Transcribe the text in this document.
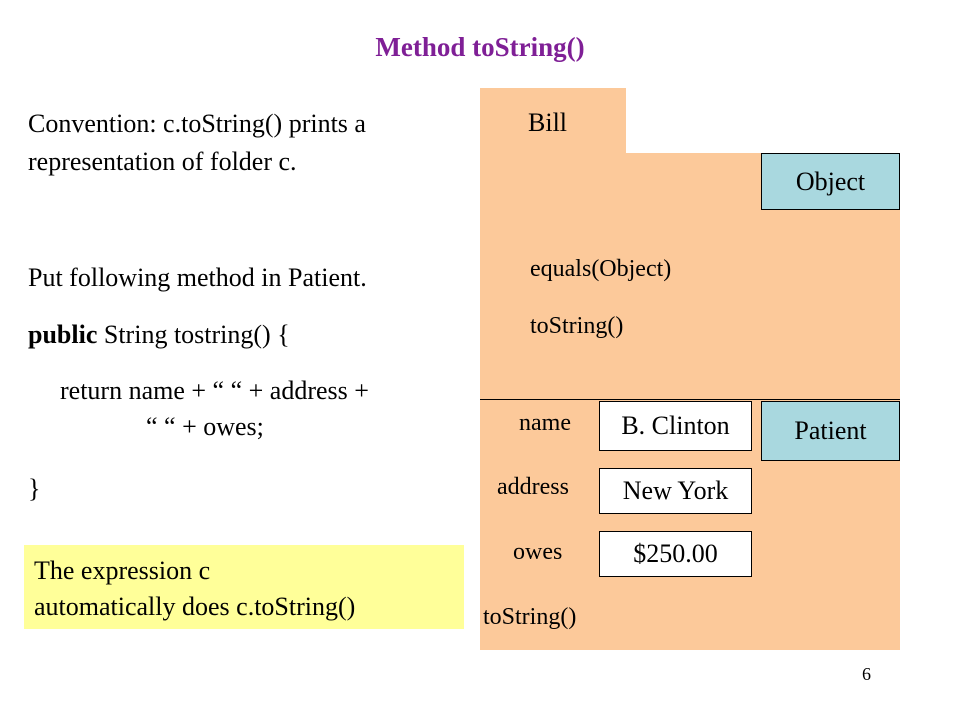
Method toString()
Convention: c.toString() prints a
representation of folder c.
Put following method in Patient.
public String tostring() {
return name + “ “ + address +
“ “ + owes;
}
The expression c
automatically does c.toString()
Bill
Object
equals(Object)
toString()
Patient
name	B. Clinton
address	New York
owes	$250.00
toString()
6
